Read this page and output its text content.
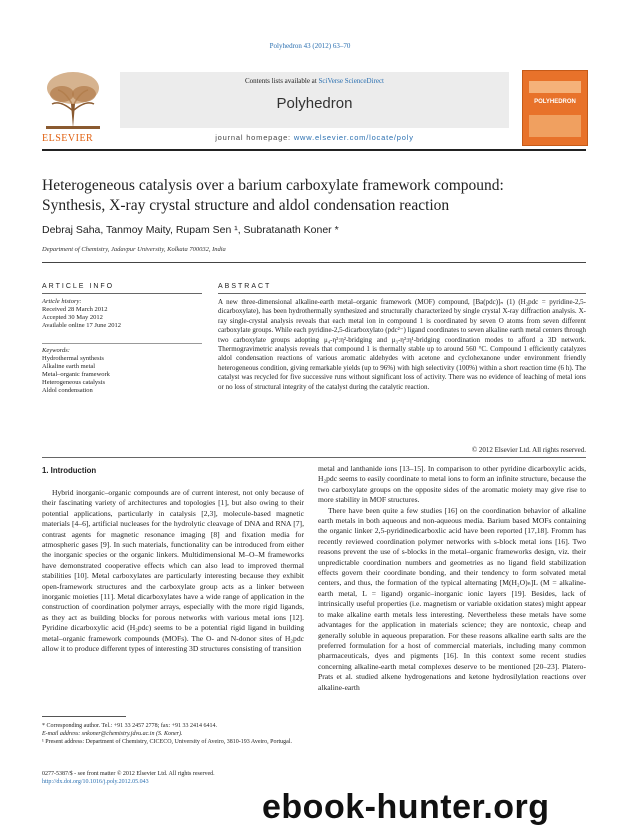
Polyhedron 43 (2012) 63–70
ELSEVIER
Contents lists available at SciVerse ScienceDirect
Polyhedron
journal homepage: www.elsevier.com/locate/poly
POLYHEDRON
Heterogeneous catalysis over a barium carboxylate framework compound:
Synthesis, X-ray crystal structure and aldol condensation reaction
Debraj Saha, Tanmoy Maity, Rupam Sen ¹, Subratanath Koner *
Department of Chemistry, Jadavpur University, Kolkata 700032, India
ARTICLE INFO
Article history:
Received 28 March 2012
Accepted 30 May 2012
Available online 17 June 2012
Keywords:
Hydrothermal synthesis
Alkaline earth metal
Metal–organic framework
Heterogeneous catalysis
Aldol condensation
ABSTRACT
A new three-dimensional alkaline-earth metal–organic framework (MOF) compound, [Ba(pdc)]ₙ (1) (H₂pdc = pyridine-2,5-dicarboxylate), has been hydrothermally synthesized and structurally characterized by single crystal X-ray diffraction analysis. X-ray single-crystal analysis reveals that each metal ion in compound 1 is coordinated by seven O atoms from seven different carboxylate groups. While each pyridine-2,5-dicarboxylato (pdc²⁻) ligand coordinates to seven alkaline earth metal centers through two carboxylate groups adopting μ₄-η²:η²-bridging and μ₃-η²:η¹-bridging coordination modes to afford a 3D network. Thermogravimetric analysis reveals that compound 1 is thermally stable up to around 560 °C. Compound 1 efficiently catalyzes aldol condensation reactions of various aromatic aldehydes with acetone and cyclohexanone under environment friendly heterogeneous condition, giving remarkable yields (up to 96%) with high selectivity (100%) within a short reaction time (6 h). The catalyst was recycled for five successive runs without significant loss of activity. There was no evidence of leaching of metal ions or no loss of structural integrity of the catalyst during the catalytic reaction.
© 2012 Elsevier Ltd. All rights reserved.
1. Introduction

Hybrid inorganic–organic compounds are of current interest, not only because of their fascinating variety of architectures and topologies [1], but also owing to their potential applications, particularly in catalysis [2,3], molecule-based magnetic materials [4–6], artificial nucleases for the hydrolytic cleavage of DNA and RNA [7], contrast agents for magnetic resonance imaging [8] and fixation media for atmospheric gases [9]. In such materials, functionality can be introduced from either the inorganic species or the organic linkers. Multidimensional M–O–M frameworks have demonstrated cooperative effects which can also lead to improved thermal stabilities [10]. Metal carboxylates are particularly interesting because they exhibit open-framework structures and the carboxylate group acts as a linker between inorganic moieties [11]. Metal dicarboxylates have a wide range of application in the construction of coordination polymer arrays, especially with the more rigid ligands, as they act as building blocks for porous networks with various metal ions [12]. Pyridine dicarboxylic acid (H₂pdc) seems to be a potential rigid ligand in building metal–organic framework compounds (MOFs). The O- and N-donor sites of H₂pdc allow it to produce different types of interesting 3D structures consisting of transition

metal and lanthanide ions [13–15]. In comparison to other pyridine dicarboxylic acids, H₂pdc seems to easily coordinate to metal ions to form an infinite structure, because the two carboxylate groups on the opposite sides of the aromatic moiety may give rise to more stability in MOF structures.

There have been quite a few studies [16] on the coordination behavior of alkaline earth metals in both aqueous and non-aqueous media. Barium based MOFs containing the organic linker 2,5-pyridinedicarboxlic acid have been reported [17,18]. Fromm has recently reviewed coordination polymer networks with s-block metal ions [16]. Two reasons prevent the use of s-blocks in the metal–organic frameworks design, viz. their unpredictable coordination numbers and geometries as no ligand field stabilization effects govern their coordinate bonding, and their tendency to form solvated metal centers, and thus, the formation of the typical alternating [M(H₂O)ₙ]L (M = alkaline-earth metal, L = ligand) organic–inorganic ionic layers [19]. Besides, lack of intrinsically useful properties (i.e. magnetism or variable oxidation states) might appear to make alkaline earth metals less interesting. Nevertheless these metals have some advantages for the application in materials science; they are nontoxic, cheap and generally soluble in aqueous preparation. For these reasons alkaline earth salts are the preferred formulation for a host of commercial materials, including many common pharmaceuticals, dyes and pigments [16]. In this context some recent studies concerning alkaline-earth metal complexes deserve to be mentioned [20–23]. Platero-Prats et al. studied alkene hydrogenations and ketone hydrosilylation reactions over alkaline-earth

* Corresponding author. Tel.: +91 33 2457 2778; fax: +91 33 2414 6414.
E-mail address: snkoner@chemistry.jdvu.ac.in (S. Koner).
¹ Present address: Department of Chemistry, CICECO, University of Aveiro, 3810-193 Aveiro, Portugal.
0277-5387/$ - see front matter © 2012 Elsevier Ltd. All rights reserved.
http://dx.doi.org/10.1016/j.poly.2012.05.043
ebook-hunter.org
